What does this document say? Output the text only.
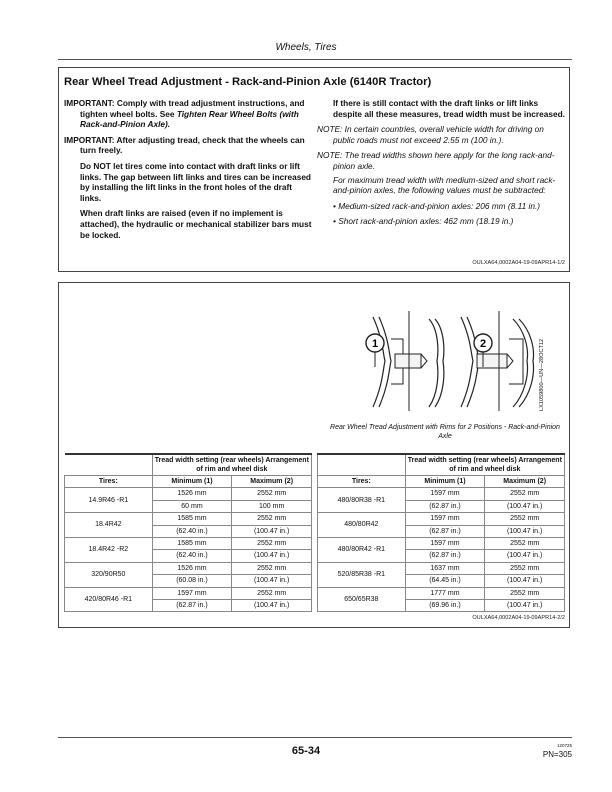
Wheels, Tires
Rear Wheel Tread Adjustment - Rack-and-Pinion Axle (6140R Tractor)

IMPORTANT: Comply with tread adjustment instructions, and tighten wheel bolts. See Tighten Rear Wheel Bolts (with Rack-and-Pinion Axle).

IMPORTANT: After adjusting tread, check that the wheels can turn freely.

Do NOT let tires come into contact with draft links or lift links. The gap between lift links and tires can be increased by installing the lift links in the front holes of the draft links.

When draft links are raised (even if no implement is attached), the hydraulic or mechanical stabilizer bars must be locked.

If there is still contact with the draft links or lift links despite all these measures, tread width must be increased.

NOTE: In certain countries, overall vehicle width for driving on public roads must not exceed 2.55 m (100 in.).

NOTE: The tread widths shown here apply for the long rack-and-pinion axle.

For maximum tread width with medium-sized and short rack-and-pinion axles, the following values must be subtracted:

• Medium-sized rack-and-pinion axles: 206 mm (8.11 in.)

• Short rack-and-pinion axles: 462 mm (18.19 in.)

OULXA64,0002A04-19-09APR14-1/2
1	2	LX1059800—UN—28OCT12
Rear Wheel Tread Adjustment with Rims for 2 Positions - Rack-and-Pinion Axle
	Tread width setting (rear wheels) Arrangement of rim and wheel disk	
Tires:	Minimum (1)	Maximum (2)
14.9R46 -R1	1526 mm	2552 mm
	60 mm	100 mm
18.4R42	1585 mm	2552 mm
	(62.40 in.)	(100.47 in.)
18.4R42 -R2	1585 mm	2552 mm
	(62.40 in.)	(100.47 in.)
320/90R50	1526 mm	2552 mm
	(60.08 in.)	(100.47 in.)
420/80R46 -R1	1597 mm	2552 mm
	(62.87 in.)	(100.47 in.)
	Tread width setting (rear wheels) Arrangement of rim and wheel disk	
Tires:	Minimum (1)	Maximum (2)
480/80R38 -R1	1597 mm	2552 mm
	(62.87 in.)	(100.47 in.)
480/80R42	1597 mm	2552 mm
	(62.87 in.)	(100.47 in.)
480/80R42 -R1	1597 mm	2552 mm
	(62.87 in.)	(100.47 in.)
520/85R38 -R1	1637 mm	2552 mm
	(64.45 in.)	(100.47 in.)
650/65R38	1777 mm	2552 mm
	(69.96 in.)	(100.47 in.)
OULXA64,0002A04-19-09APR14-2/2
65-34	120725
PN=305
